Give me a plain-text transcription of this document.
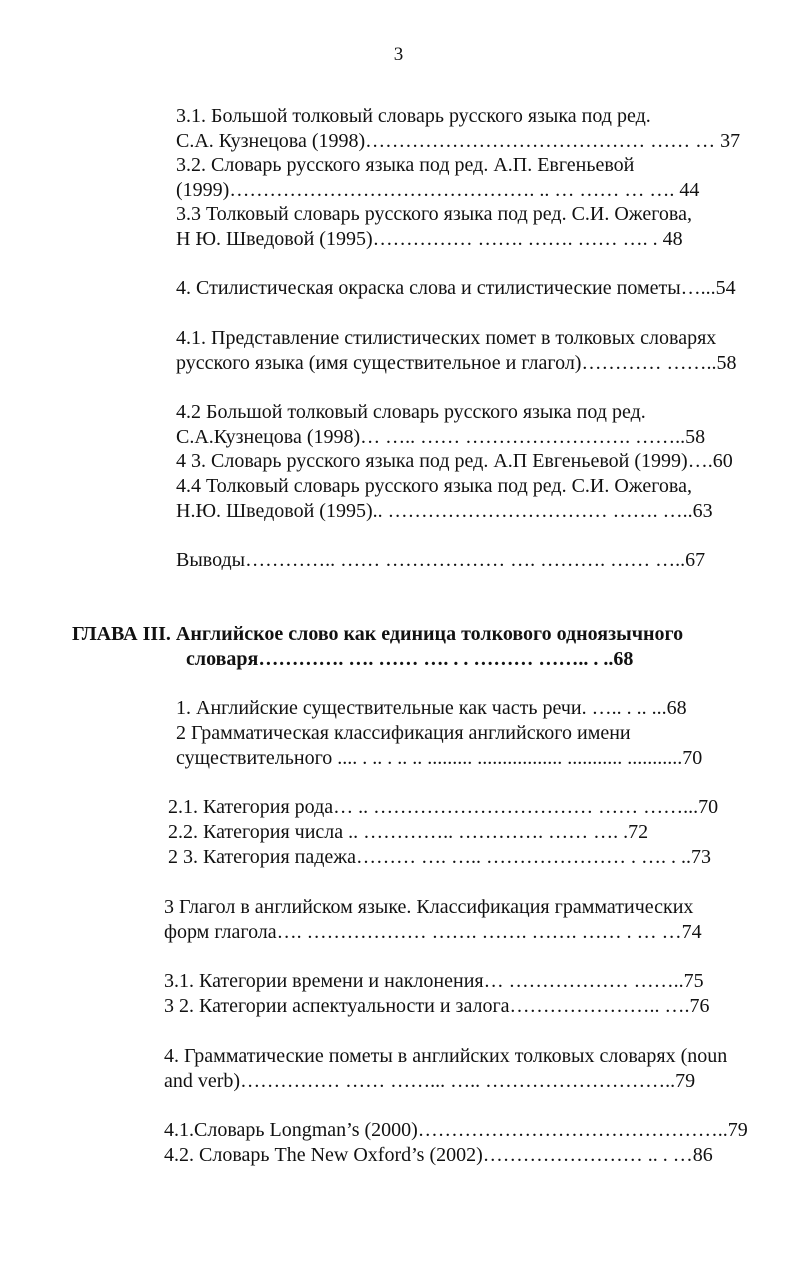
3
3.1. Большой толковый словарь русского языка под ред.
С.А. Кузнецова (1998)…………………………………… …… … 37
3.2. Словарь русского языка под ред. А.П. Евгеньевой
(1999)………………………………………. .. … …… … …. 44
3.3 Толковый словарь русского языка под ред. С.И. Ожегова,
Н Ю. Шведовой (1995)…………… ……. ……. …… …. . 48
4. Стилистическая окраска слова и стилистические пометы…...54
4.1. Представление стилистических помет в толковых словарях
русского языка (имя существительное и глагол)………… ……..58
4.2 Большой толковый словарь русского языка под ред.
С.А.Кузнецова (1998)… ….. …… ……………………. ……..58
4 3. Словарь русского языка под ред. А.П Евгеньевой (1999)….60
4.4 Толковый словарь русского языка под ред. С.И. Ожегова,
Н.Ю. Шведовой (1995).. …………………………… ……. …..63
Выводы………….. …… ……………… …. ………. …… …..67
ГЛАВА III. Английское слово как единица толкового одноязычного
словаря…………. …. …… …. . . ……… …….. . ..68
1. Английские существительные как часть речи. ….. . .. ...68
2 Грамматическая классификация английского имени
существительного .... . .. . .. .. ......... ................. ........... ...........70
2.1. Категория рода… .. …………………………… …… ……...70
2.2. Категория числа .. ………….. …………. …… …. .72
2 3. Категория падежа……… …. ….. ………………… . …. . ..73
3 Глагол в английском языке. Классификация грамматических
форм глагола…. ……………… ……. ……. ……. …… . … …74
3.1. Категории времени и наклонения… ……………… ……..75
3 2. Категории аспектуальности и залога………………….. ….76
4. Грамматические пометы в английских толковых словарях (noun
and verb)…………… …… ……... ….. ………………………..79
4.1.Словарь Longman’s (2000)………………………………………..79
4.2. Словарь The New Oxford’s (2002)…………………… .. . …86
